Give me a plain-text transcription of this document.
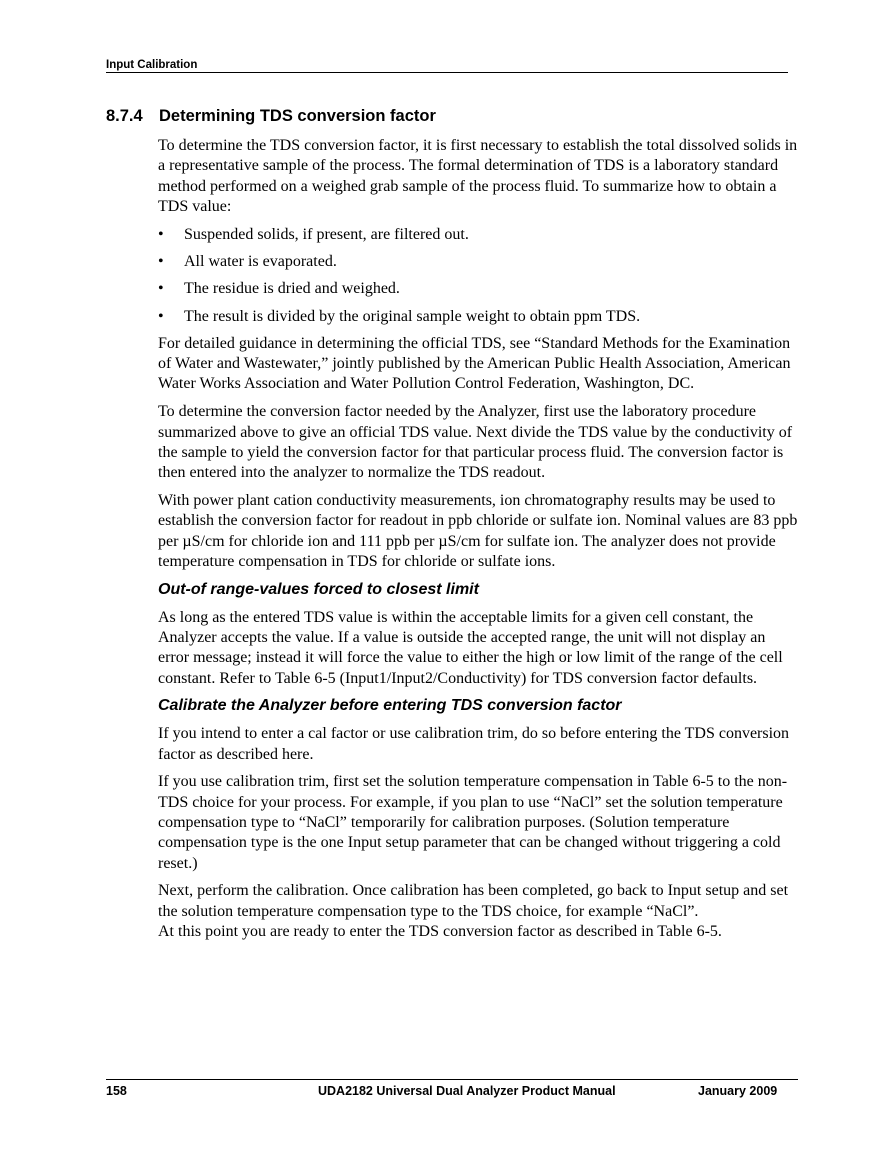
Input Calibration
8.7.4 Determining TDS conversion factor

To determine the TDS conversion factor, it is first necessary to establish the total dissolved solids in a representative sample of the process. The formal determination of TDS is a laboratory standard method performed on a weighed grab sample of the process fluid. To summarize how to obtain a TDS value:

• Suspended solids, if present, are filtered out.
• All water is evaporated.
• The residue is dried and weighed.
• The result is divided by the original sample weight to obtain ppm TDS.

For detailed guidance in determining the official TDS, see “Standard Methods for the Examination of Water and Wastewater,” jointly published by the American Public Health Association, American Water Works Association and Water Pollution Control Federation, Washington, DC.

To determine the conversion factor needed by the Analyzer, first use the laboratory procedure summarized above to give an official TDS value. Next divide the TDS value by the conductivity of the sample to yield the conversion factor for that particular process fluid. The conversion factor is then entered into the analyzer to normalize the TDS readout.

With power plant cation conductivity measurements, ion chromatography results may be used to establish the conversion factor for readout in ppb chloride or sulfate ion. Nominal values are 83 ppb per µS/cm for chloride ion and 111 ppb per µS/cm for sulfate ion. The analyzer does not provide temperature compensation in TDS for chloride or sulfate ions.

Out-of range-values forced to closest limit

As long as the entered TDS value is within the acceptable limits for a given cell constant, the Analyzer accepts the value. If a value is outside the accepted range, the unit will not display an error message; instead it will force the value to either the high or low limit of the range of the cell constant. Refer to Table 6-5 (Input1/Input2/Conductivity) for TDS conversion factor defaults.

Calibrate the Analyzer before entering TDS conversion factor

If you intend to enter a cal factor or use calibration trim, do so before entering the TDS conversion factor as described here.

If you use calibration trim, first set the solution temperature compensation in Table 6-5 to the non-TDS choice for your process. For example, if you plan to use “NaCl” set the solution temperature compensation type to “NaCl” temporarily for calibration purposes. (Solution temperature compensation type is the one Input setup parameter that can be changed without triggering a cold reset.)

Next, perform the calibration. Once calibration has been completed, go back to Input setup and set the solution temperature compensation type to the TDS choice, for example “NaCl”.

At this point you are ready to enter the TDS conversion factor as described in Table 6-5.

158	UDA2182 Universal Dual Analyzer Product Manual	January 2009
